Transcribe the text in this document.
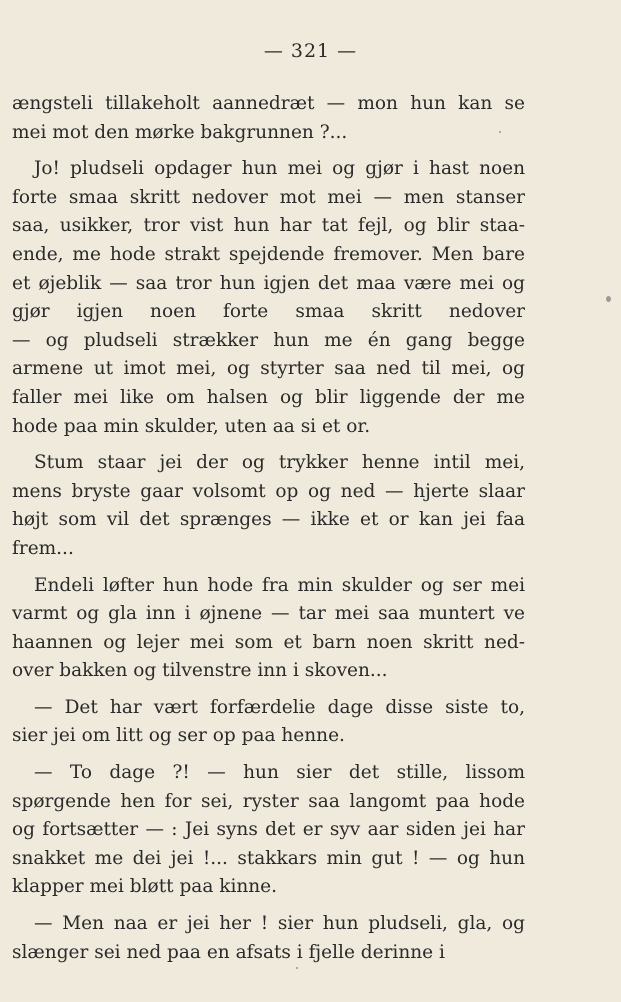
— 321 —
ængsteli tillakeholt aannedræt — mon hun kan se
mei mot den mørke bakgrunnen ?...
Jo! pludseli opdager hun mei og gjør i hast noen
forte smaa skritt nedover mot mei — men stanser
saa, usikker, tror vist hun har tat fejl, og blir staa-
ende, me hode strakt spejdende fremover. Men bare
et øjeblik — saa tror hun igjen det maa være mei og
gjør igjen noen forte smaa skritt nedover
— og pludseli strækker hun me én gang begge
armene ut imot mei, og styrter saa ned til mei, og
faller mei like om halsen og blir liggende der me
hode paa min skulder, uten aa si et or.
Stum staar jei der og trykker henne intil mei,
mens bryste gaar volsomt op og ned — hjerte slaar
højt som vil det sprænges — ikke et or kan jei faa
frem...
Endeli løfter hun hode fra min skulder og ser mei
varmt og gla inn i øjnene — tar mei saa muntert ve
haannen og lejer mei som et barn noen skritt ned-
over bakken og tilvenstre inn i skoven...
— Det har vært forfærdelie dage disse siste to,
sier jei om litt og ser op paa henne.
— To dage ?! — hun sier det stille, lissom
spørgende hen for sei, ryster saa langomt paa hode
og fortsætter — : Jei syns det er syv aar siden jei har
snakket me dei jei !... stakkars min gut ! — og hun
klapper mei bløtt paa kinne.
— Men naa er jei her ! sier hun pludseli, gla, og
slænger sei ned paa en afsats i fjelle derinne i
